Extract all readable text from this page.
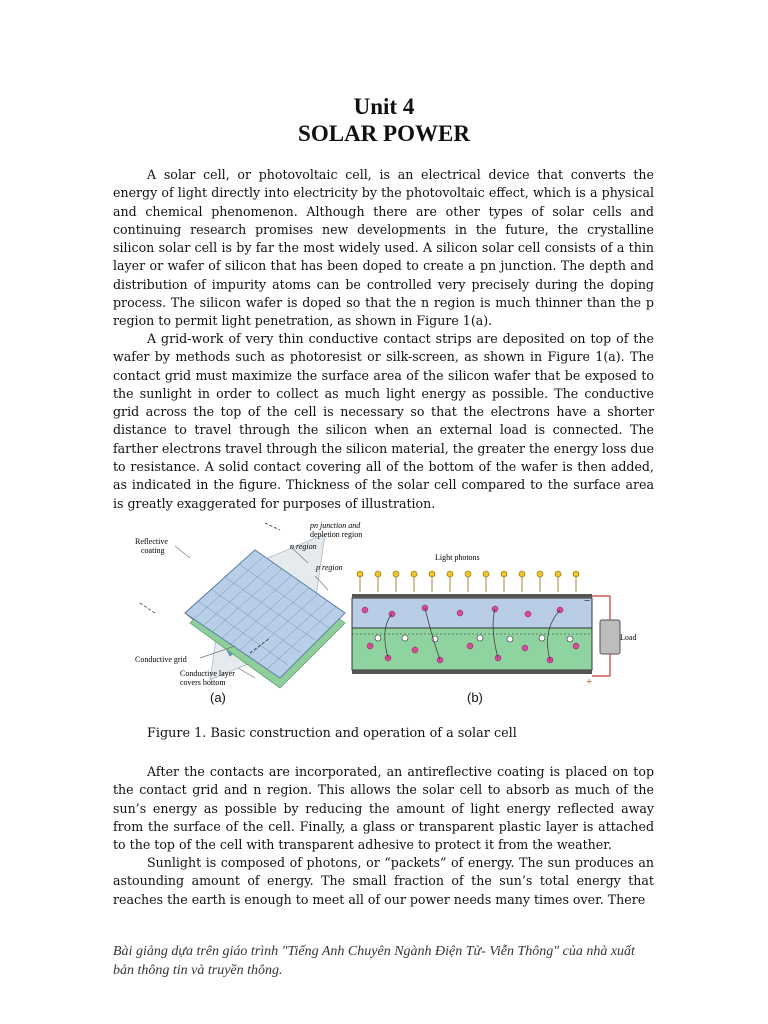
Unit 4
SOLAR POWER

A solar cell, or photovoltaic cell, is an electrical device that converts the energy of light directly into electricity by the photovoltaic effect, which is a physical and chemical phenomenon. Although there are other types of solar cells and continuing research promises new developments in the future, the crystalline silicon solar cell is by far the most widely used. A silicon solar cell consists of a thin layer or wafer of silicon that has been doped to create a pn junction. The depth and distribution of impurity atoms can be controlled very precisely during the doping process. The silicon wafer is doped so that the n region is much thinner than the p region to permit light penetration, as shown in Figure 1(a).

A grid-work of very thin conductive contact strips are deposited on top of the wafer by methods such as photoresist or silk-screen, as shown in Figure 1(a). The contact grid must maximize the surface area of the silicon wafer that be exposed to the sunlight in order to collect as much light energy as possible. The conductive grid across the top of the cell is necessary so that the electrons have a shorter distance to travel through the silicon when an external load is connected. The farther electrons travel through the silicon material, the greater the energy loss due to resistance. A solid contact covering all of the bottom of the wafer is then added, as indicated in the figure. Thickness of the solar cell compared to the surface area is greatly exaggerated for purposes of illustration.

Reflective
coating
pn junction and
depletion region
n region
p region
Conductive grid
Conductive layer
covers bottom
Light photons
Load
−
+
(a)	(b)
Figure 1. Basic construction and operation of a solar cell

After the contacts are incorporated, an antireflective coating is placed on top the contact grid and n region. This allows the solar cell to absorb as much of the sun’s energy as possible by reducing the amount of light energy reflected away from the surface of the cell. Finally, a glass or transparent plastic layer is attached to the top of the cell with transparent adhesive to protect it from the weather.

Sunlight is composed of photons, or “packets” of energy. The sun produces an astounding amount of energy. The small fraction of the sun’s total energy that reaches the earth is enough to meet all of our power needs many times over. There

Bài giảng dựa trên giáo trình "Tiếng Anh Chuyên Ngành Điện Tử- Viễn Thông" của nhà xuất bản thông tin và truyền thông.
